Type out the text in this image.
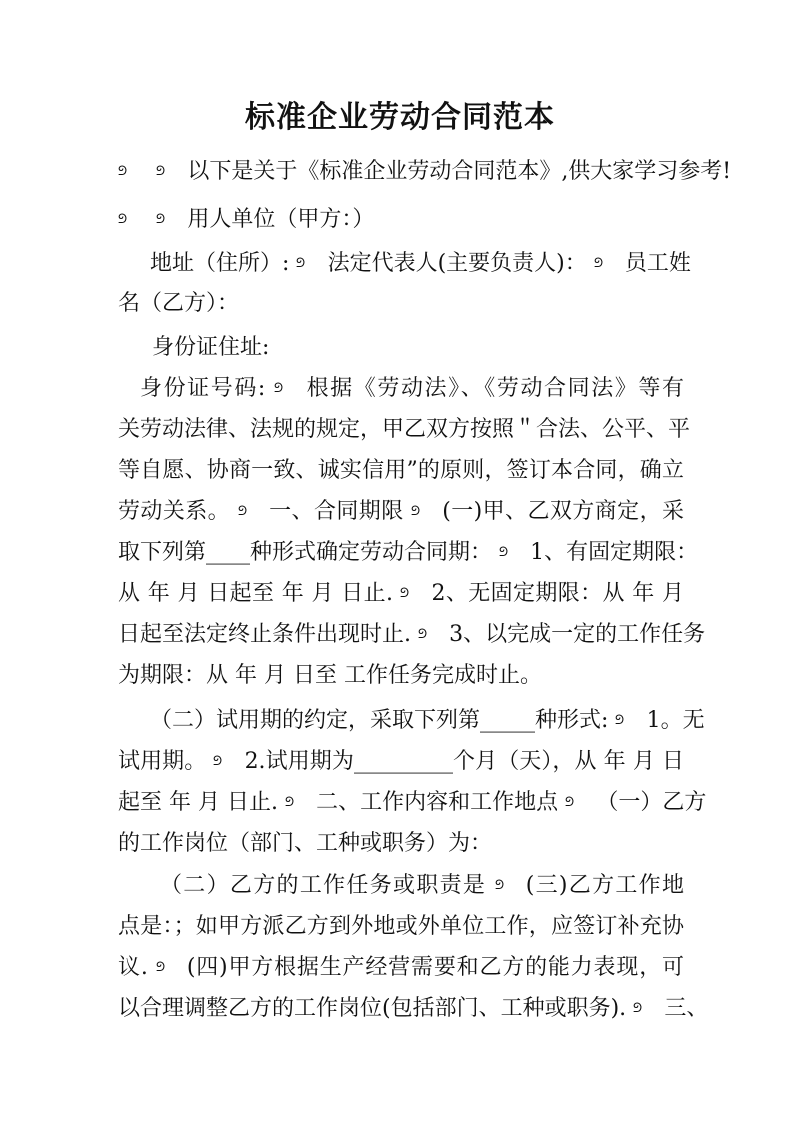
标准企业劳动合同范本
ᘓ  ᘓ  以下是关于《标准企业劳动合同范本》,供大家学习参考!
ᘓ  ᘓ  用人单位（甲方：）
地址（住所）: ᘓ  法定代表人(主要负责人)： ᘓ  员工姓
名（乙方）：
身份证住址:
身份证号码: ᘓ  根据《劳动法》、《劳动合同法》等有
关劳动法律、法规的规定，甲乙双方按照＂合法、公平、平
等自愿、协商一致、诚实信用”的原则，签订本合同，确立
劳动关系。 ᘓ  一、合同期限 ᘓ  (一)甲、乙双方商定，采
取下列第____种形式确定劳动合同期： ᘓ  1、有固定期限：
从 年 月 日起至 年 月 日止. ᘓ  2、无固定期限：从 年 月
日起至法定终止条件出现时止. ᘓ  3、以完成一定的工作任务
为期限：从 年 月 日至 工作任务完成时止。
（二）试用期的约定，采取下列第_____种形式: ᘓ  1。无
试用期。 ᘓ  2.试用期为_________个月（天），从 年 月 日
起至 年 月 日止. ᘓ  二、工作内容和工作地点 ᘓ  （一）乙方
的工作岗位（部门、工种或职务）为：
（二）乙方的工作任务或职责是 ᘓ  (三)乙方工作地
点是：；如甲方派乙方到外地或外单位工作，应签订补充协
议. ᘓ  (四)甲方根据生产经营需要和乙方的能力表现，可
以合理调整乙方的工作岗位(包括部门、工种或职务). ᘓ  三、
